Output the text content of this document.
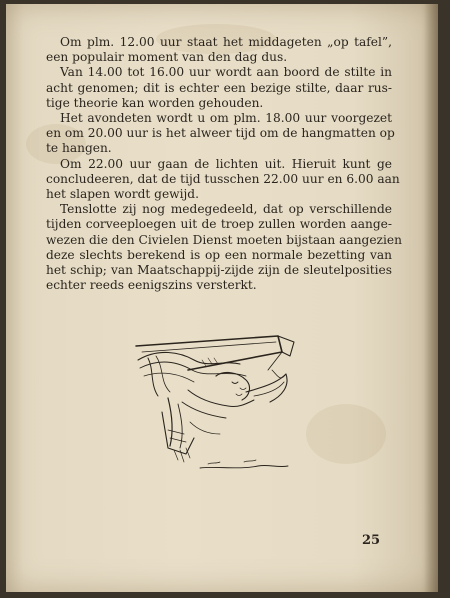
Om plm. 12.00 uur staat het middageten „op tafel”,
een populair moment van den dag dus.

Van 14.00 tot 16.00 uur wordt aan boord de stilte in
acht genomen; dit is echter een bezige stilte, daar rus-
tige theorie kan worden gehouden.

Het avondeten wordt u om plm. 18.00 uur voorgezet
en om 20.00 uur is het alweer tijd om de hangmatten op
te hangen.

Om 22.00 uur gaan de lichten uit. Hieruit kunt ge
concludeeren, dat de tijd tusschen 22.00 uur en 6.00 aan
het slapen wordt gewijd.

Tenslotte zij nog medegedeeld, dat op verschillende
tijden corveeploegen uit de troep zullen worden aange-
wezen die den Civielen Dienst moeten bijstaan aangezien
deze slechts berekend is op een normale bezetting van
het schip; van Maatschappij-zijde zijn de sleutelposities
echter reeds eenigszins versterkt.

25
